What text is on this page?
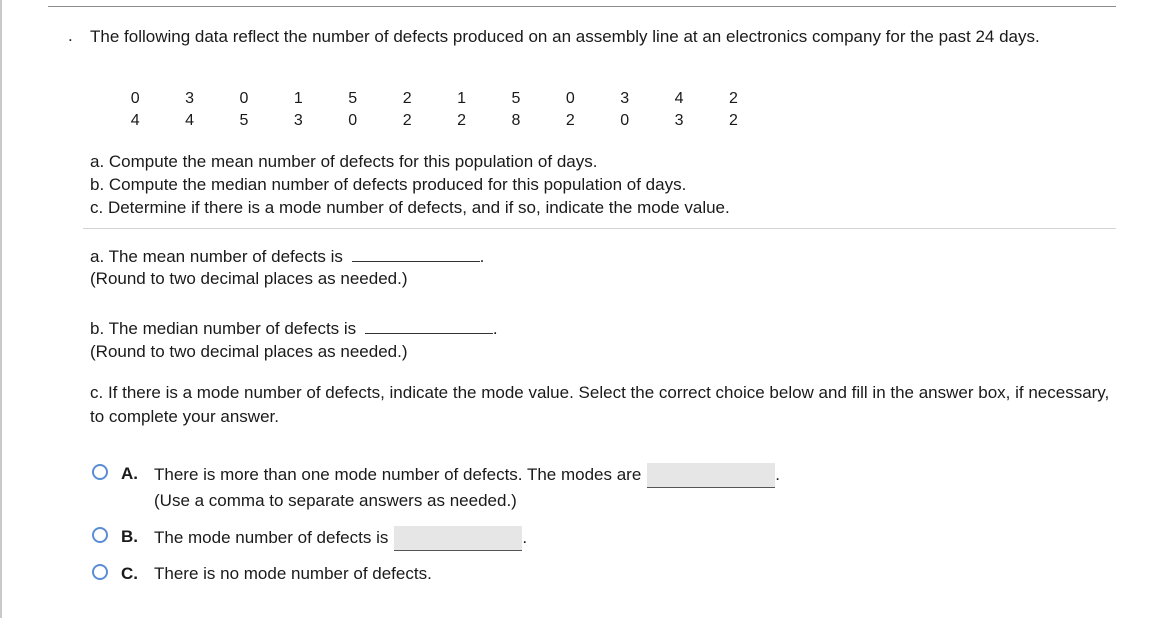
. The following data reflect the number of defects produced on an assembly line at an electronics company for the past 24 days.
0	3	0	1	5	2	1	5	0	3	4	2
4	4	5	3	0	2	2	8	2	0	3	2
a. Compute the mean number of defects for this population of days.
b. Compute the median number of defects produced for this population of days.
c. Determine if there is a mode number of defects, and if so, indicate the mode value.
a. The mean number of defects is	.
(Round to two decimal places as needed.)
b. The median number of defects is	.
(Round to two decimal places as needed.)
c. If there is a mode number of defects, indicate the mode value. Select the correct choice below and fill in the answer box, if necessary, to complete your answer.
A. There is more than one mode number of defects. The modes are	.
(Use a comma to separate answers as needed.)
B. The mode number of defects is	.
C. There is no mode number of defects.
